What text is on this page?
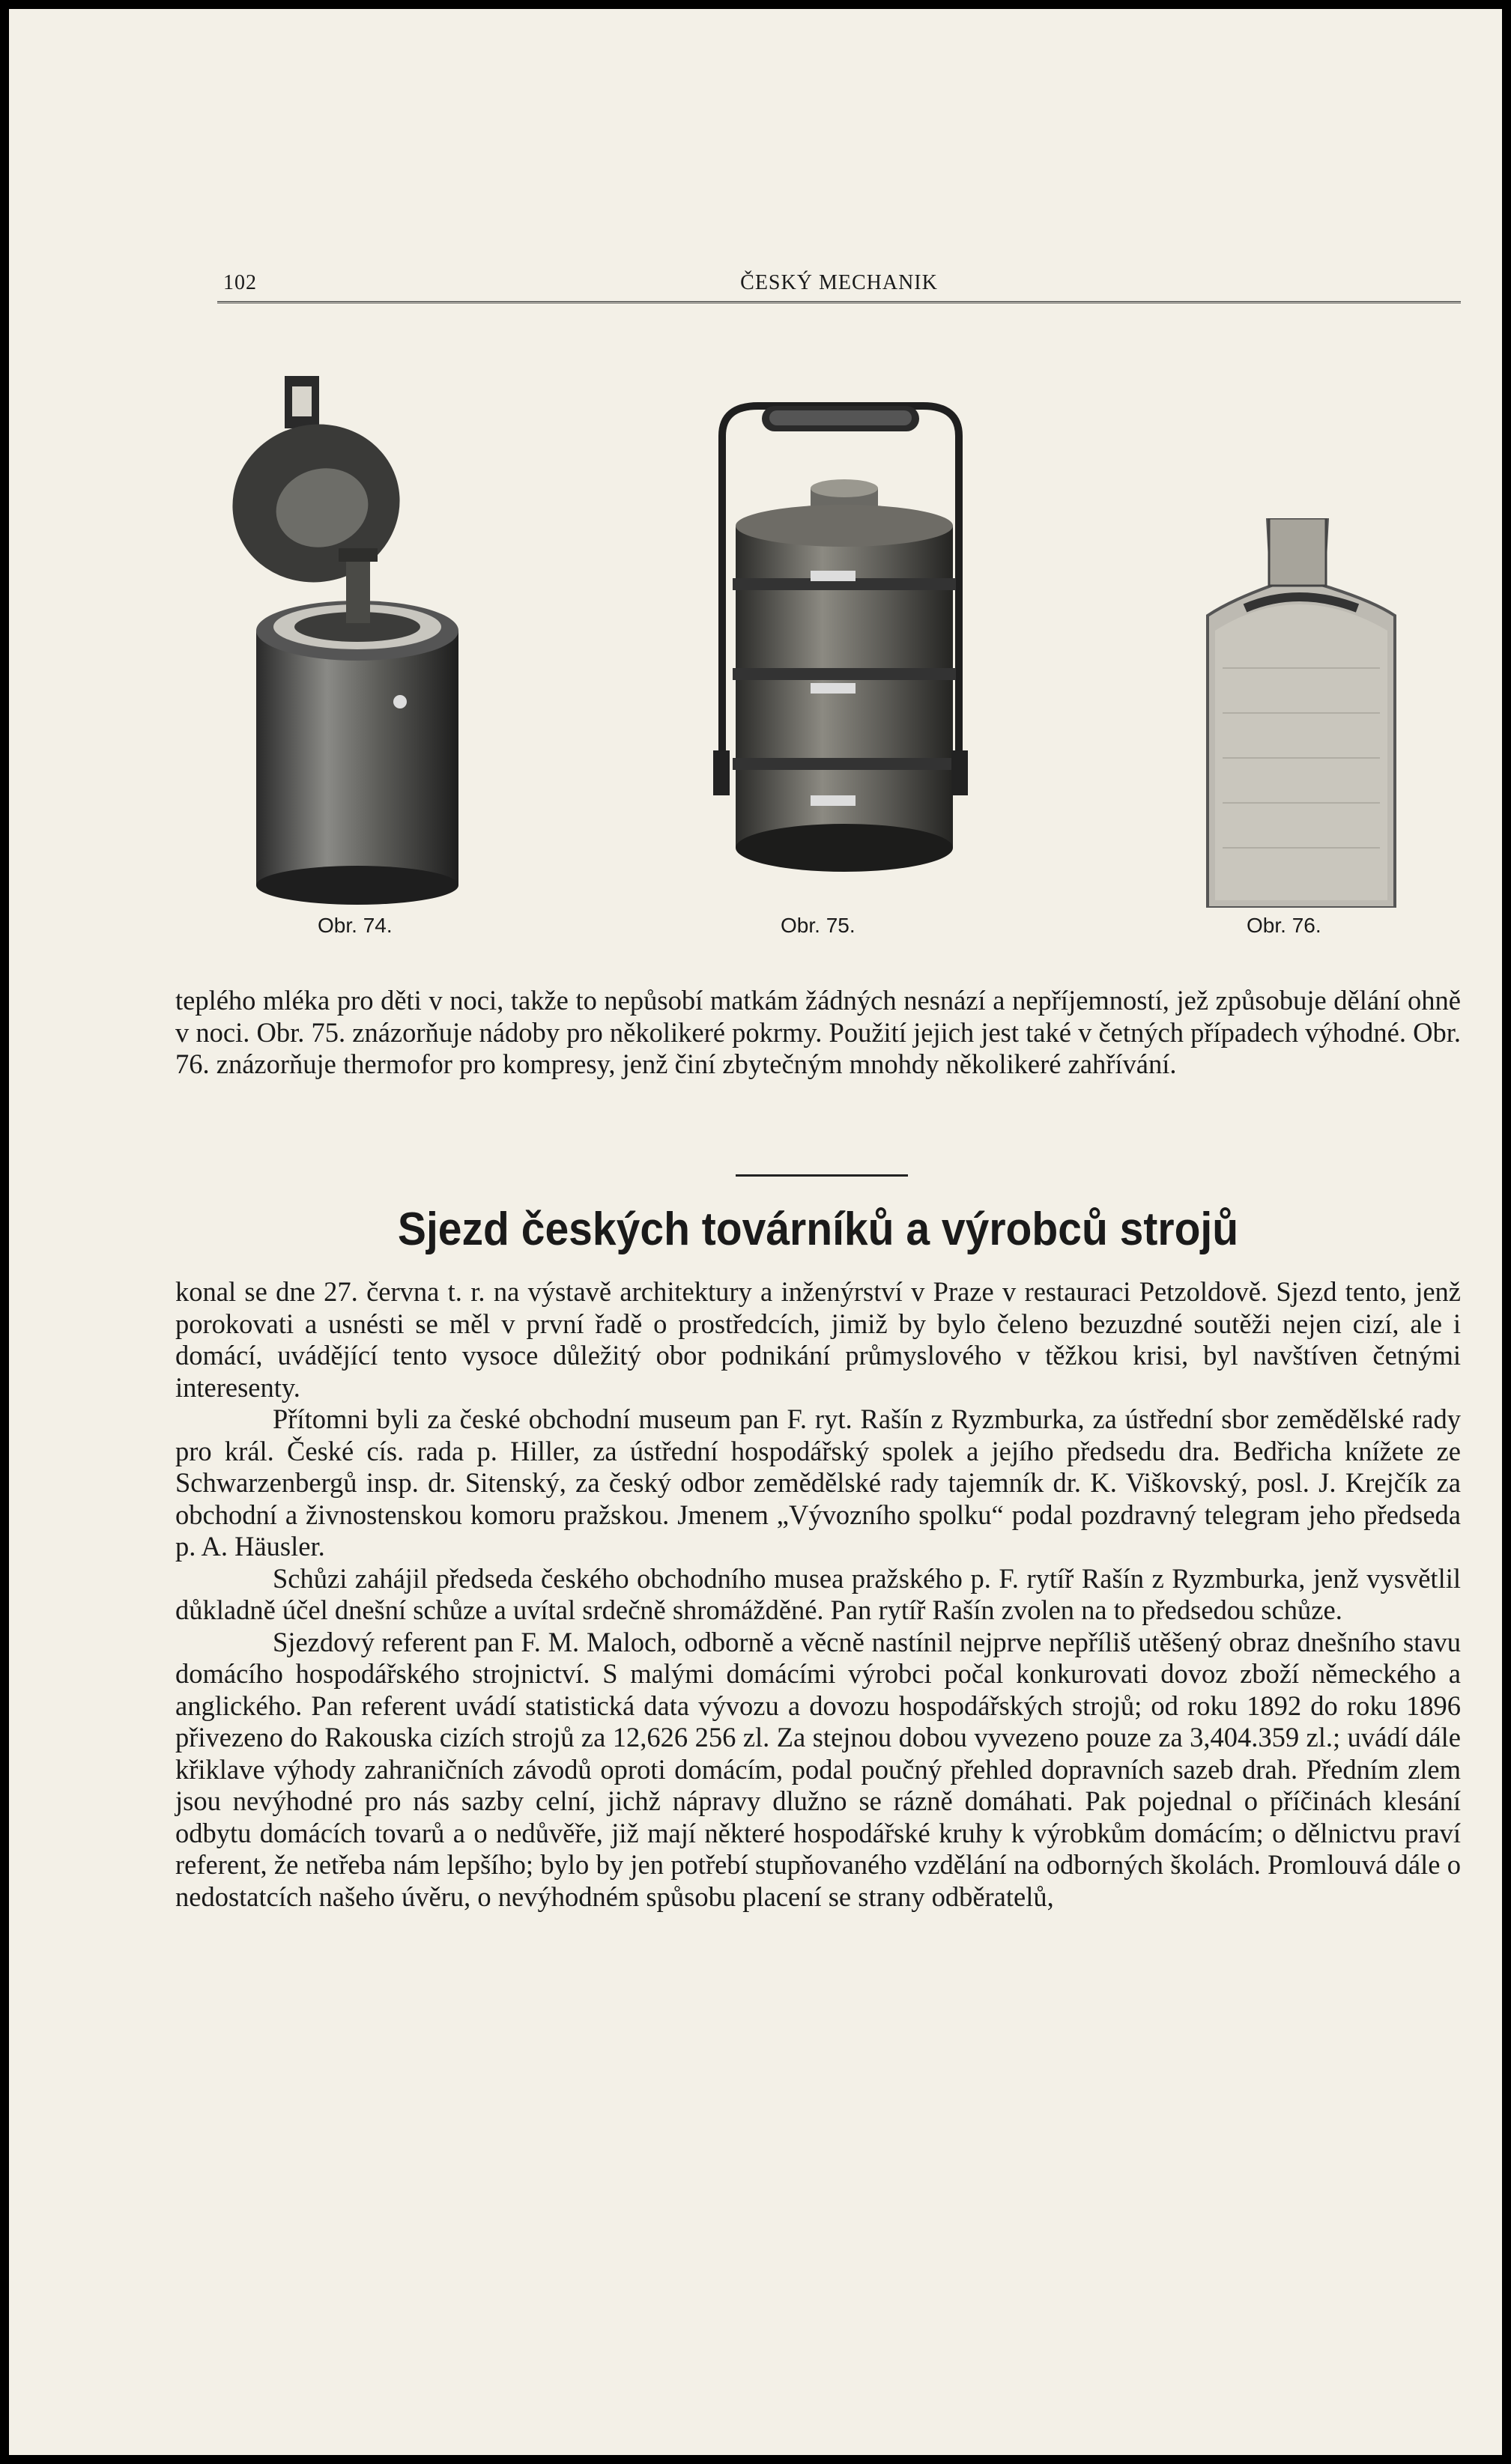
102	ČESKÝ MECHANIK
Obr. 74.	Obr. 75.	Obr. 76.

teplého mléka pro děti v noci, takže to nepůsobí matkám žádných nesnází a nepříjemností, jež způsobuje dělání ohně v noci. Obr. 75. znázorňuje nádoby pro několikeré pokrmy. Použití jejich jest také v četných případech výhodné. Obr. 76. znázorňuje thermofor pro kompresy, jenž činí zbytečným mnohdy několikeré zahřívání.

Sjezd českých továrníků a výrobců strojů

konal se dne 27. června t. r. na výstavě architektury a inženýrství v Praze v restauraci Petzoldově. Sjezd tento, jenž porokovati a usnésti se měl v první řadě o prostředcích, jimiž by bylo čeleno bezuzdné soutěži nejen cizí, ale i domácí, uvádějící tento vysoce důležitý obor podnikání průmyslového v těžkou krisi, byl navštíven četnými interesenty.

Přítomni byli za české obchodní museum pan F. ryt. Rašín z Ryzmburka, za ústřední sbor zemědělské rady pro král. České cís. rada p. Hiller, za ústřední hospodářský spolek a jejího předsedu dra. Bedřicha knížete ze Schwarzenbergů insp. dr. Sitenský, za český odbor zemědělské rady tajemník dr. K. Viškovský, posl. J. Krejčík za obchodní a živnostenskou komoru pražskou. Jmenem „Vývozního spolku“ podal pozdravný telegram jeho předseda p. A. Häusler.

Schůzi zahájil předseda českého obchodního musea pražského p. F. rytíř Rašín z Ryzmburka, jenž vysvětlil důkladně účel dnešní schůze a uvítal srdečně shromážděné. Pan rytíř Rašín zvolen na to předsedou schůze.

Sjezdový referent pan F. M. Maloch, odborně a věcně nastínil nejprve nepříliš utěšený obraz dnešního stavu domácího hospodářského strojnictví. S malými domácími výrobci počal konkurovati dovoz zboží německého a anglického. Pan referent uvádí statistická data vývozu a dovozu hospodářských strojů; od roku 1892 do roku 1896 přivezeno do Rakouska cizích strojů za 12,626 256 zl. Za stejnou dobou vyvezeno pouze za 3,404.359 zl.; uvádí dále křiklave výhody zahraničních závodů oproti domácím, podal poučný přehled dopravních sazeb drah. Předním zlem jsou nevýhodné pro nás sazby celní, jichž nápravy dlužno se rázně domáhati. Pak pojednal o příčinách klesání odbytu domácích tovarů a o nedůvěře, již mají některé hospodářské kruhy k výrobkům domácím; o dělnictvu praví referent, že netřeba nám lepšího; bylo by jen potřebí stupňovaného vzdělání na odborných školách. Promlouvá dále o nedostatcích našeho úvěru, o nevýhodném spůsobu placení se strany odběratelů,
